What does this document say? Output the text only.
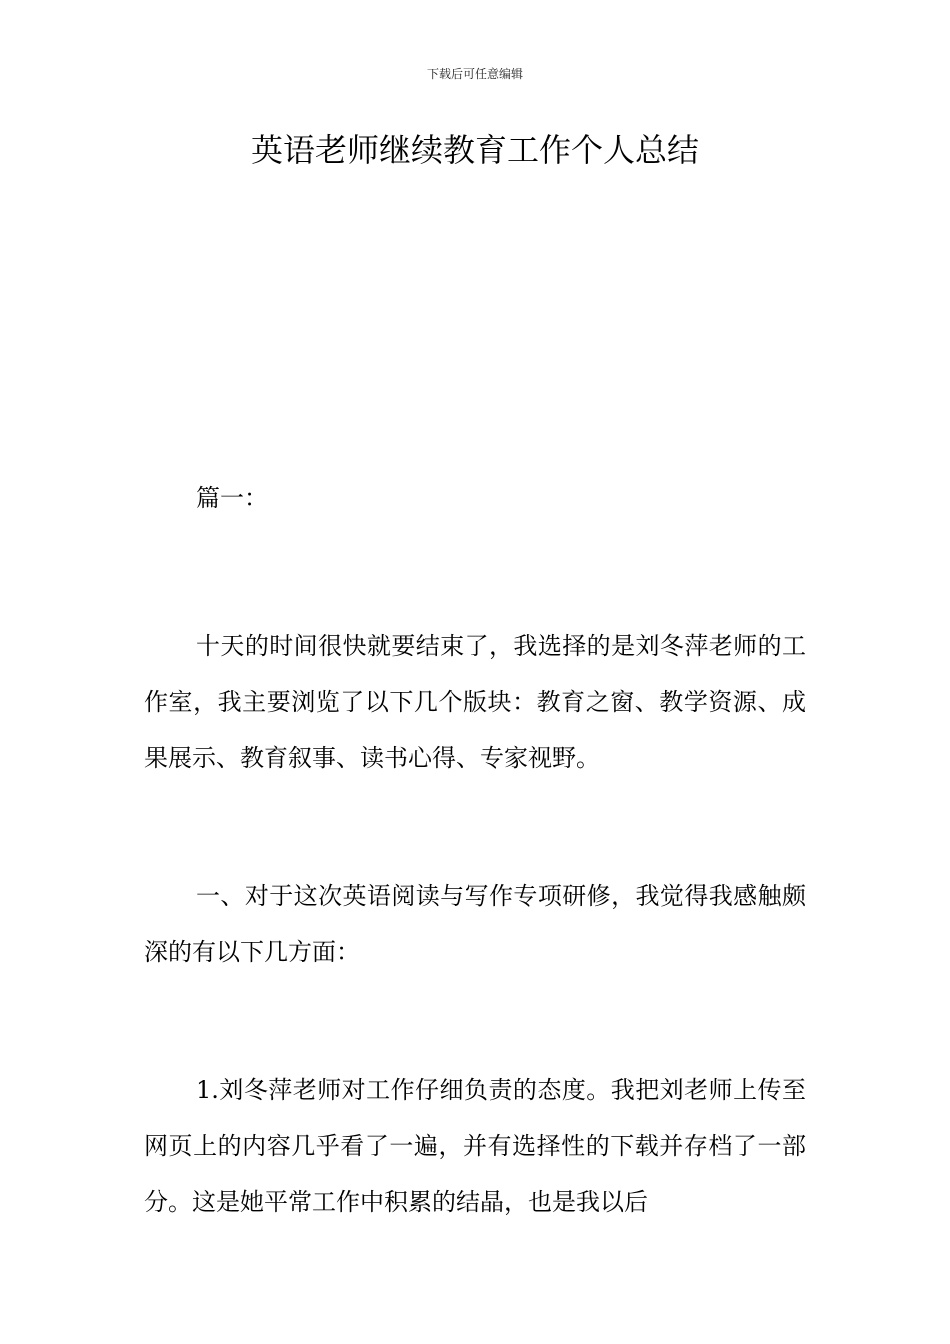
下载后可任意编辑
英语老师继续教育工作个人总结

篇一：

十天的时间很快就要结束了，我选择的是刘冬萍老师的工作室，我主要浏览了以下几个版块：教育之窗、教学资源、成果展示、教育叙事、读书心得、专家视野。

一、对于这次英语阅读与写作专项研修，我觉得我感触颇深的有以下几方面：

1.刘冬萍老师对工作仔细负责的态度。我把刘老师上传至网页上的内容几乎看了一遍，并有选择性的下载并存档了一部分。这是她平常工作中积累的结晶，也是我以后
